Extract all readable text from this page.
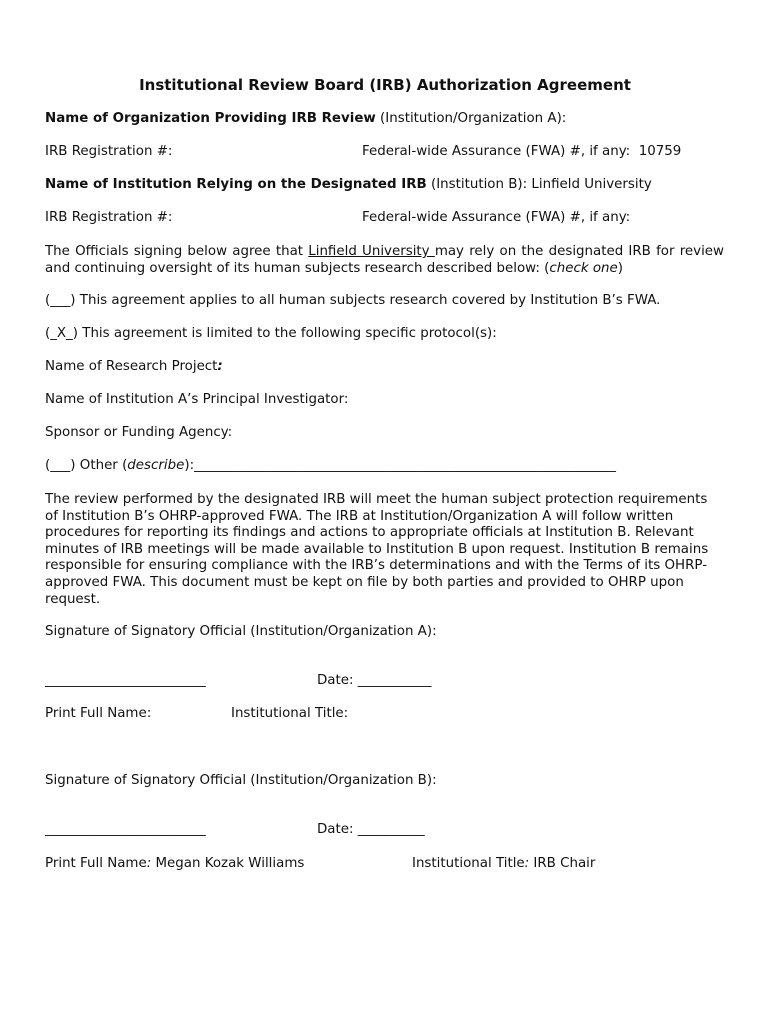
Institutional Review Board (IRB) Authorization Agreement
Name of Organization Providing IRB Review (Institution/Organization A):
IRB Registration #:	Federal-wide Assurance (FWA) #, if any: 10759
Name of Institution Relying on the Designated IRB (Institution B): Linfield University
IRB Registration #:	Federal-wide Assurance (FWA) #, if any:
The Officials signing below agree that Linfield University may rely on the designated IRB for review and continuing oversight of its human subjects research described below: (check one)
(___) This agreement applies to all human subjects research covered by Institution B’s FWA.
(_X_) This agreement is limited to the following specific protocol(s):
Name of Research Project:
Name of Institution A’s Principal Investigator:
Sponsor or Funding Agency:
(___) Other (describe):_______________________________________________________________
The review performed by the designated IRB will meet the human subject protection requirements of Institution B’s OHRP-approved FWA. The IRB at Institution/Organization A will follow written procedures for reporting its findings and actions to appropriate officials at Institution B. Relevant minutes of IRB meetings will be made available to Institution B upon request. Institution B remains responsible for ensuring compliance with the IRB’s determinations and with the Terms of its OHRP-approved FWA. This document must be kept on file by both parties and provided to OHRP upon request.
Signature of Signatory Official (Institution/Organization A):
________________________	Date: ___________
Print Full Name:	Institutional Title:
Signature of Signatory Official (Institution/Organization B):
________________________	Date: __________
Print Full Name: Megan Kozak Williams	Institutional Title: IRB Chair
